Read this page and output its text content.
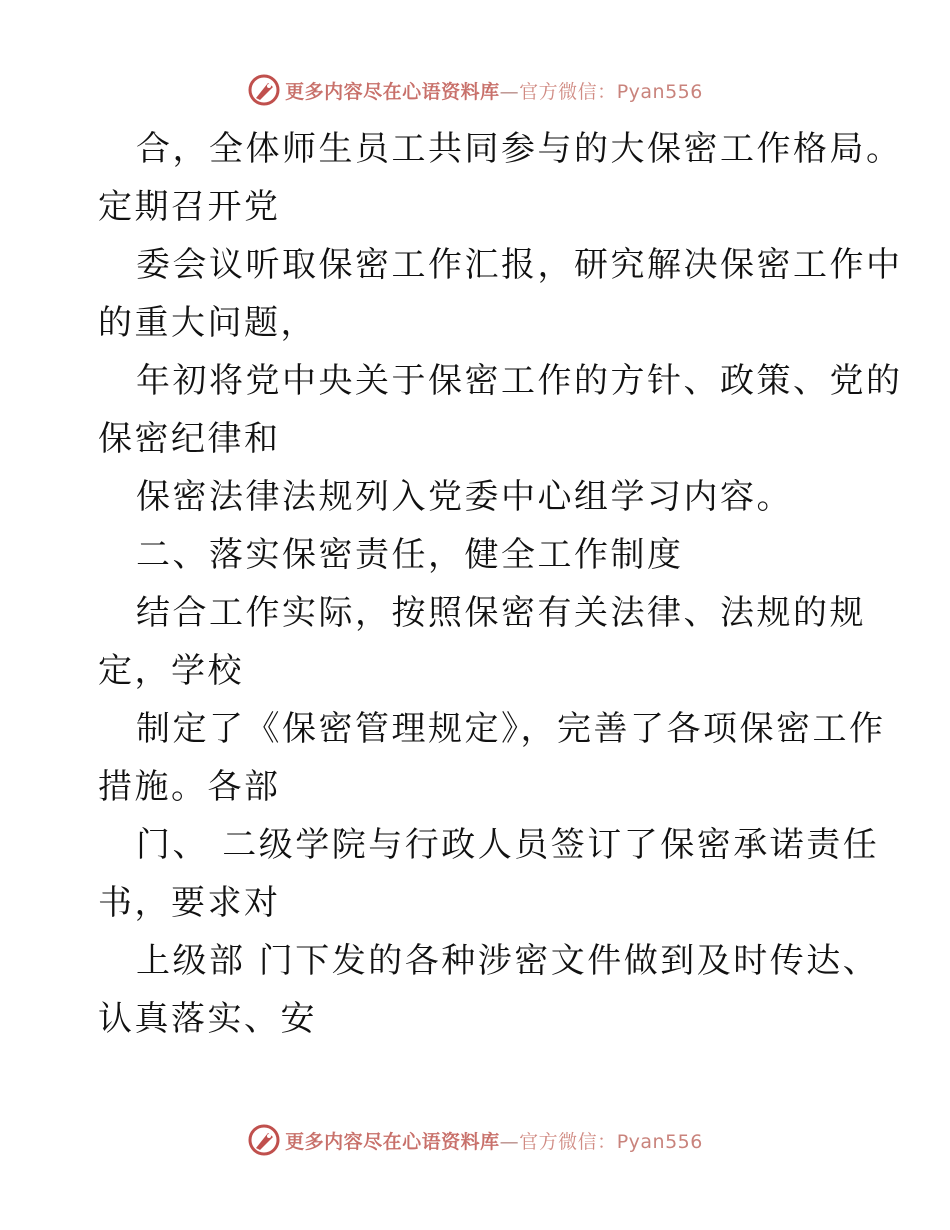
更多内容尽在心语资料库—官方微信：Pyan556
合，全体师生员工共同参与的大保密工作格局。
定期召开党
委会议听取保密工作汇报，研究解决保密工作中
的重大问题，
年初将党中央关于保密工作的方针、政策、党的
保密纪律和
保密法律法规列入党委中心组学习内容。
二、落实保密责任，健全工作制度
结合工作实际，按照保密有关法律、法规的规
定，学校
制定了《保密管理规定》，完善了各项保密工作
措施。各部
门、 二级学院与行政人员签订了保密承诺责任
书，要求对
上级部 门下发的各种涉密文件做到及时传达、
认真落实、安
更多内容尽在心语资料库—官方微信：Pyan556
